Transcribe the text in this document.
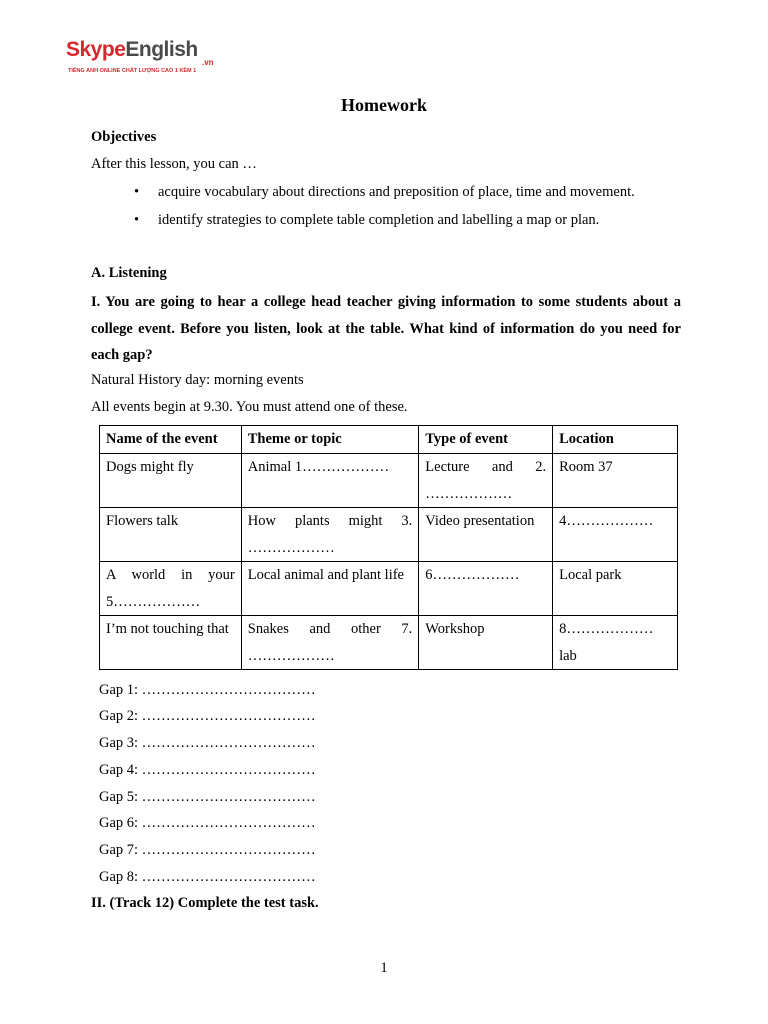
SkypeEnglish
.vn
TIẾNG ANH ONLINE CHẤT LƯỢNG CAO 1 KÈM 1
Homework
Objectives
After this lesson, you can …
• acquire vocabulary about directions and preposition of place, time and movement.
• identify strategies to complete table completion and labelling a map or plan.
A. Listening
I. You are going to hear a college head teacher giving information to some students about a college event. Before you listen, look at the table. What kind of information do you need for each gap?
Natural History day: morning events
All events begin at 9.30. You must attend one of these.
Name of the event	Theme or topic	Type of event	Location
Dogs might fly	Animal 1………………	Lecture and 2. ………………	Room 37
Flowers talk	How plants might 3. ………………	Video presentation	4………………
A world in your 5………………	Local animal and plant life	6………………	Local park
I’m not touching that	Snakes and other 7. ………………	Workshop	8……………… lab
Gap 1: ………………………………
Gap 2: ………………………………
Gap 3: ………………………………
Gap 4: ………………………………
Gap 5: ………………………………
Gap 6: ………………………………
Gap 7: ………………………………
Gap 8: ………………………………
II. (Track 12) Complete the test task.
1
